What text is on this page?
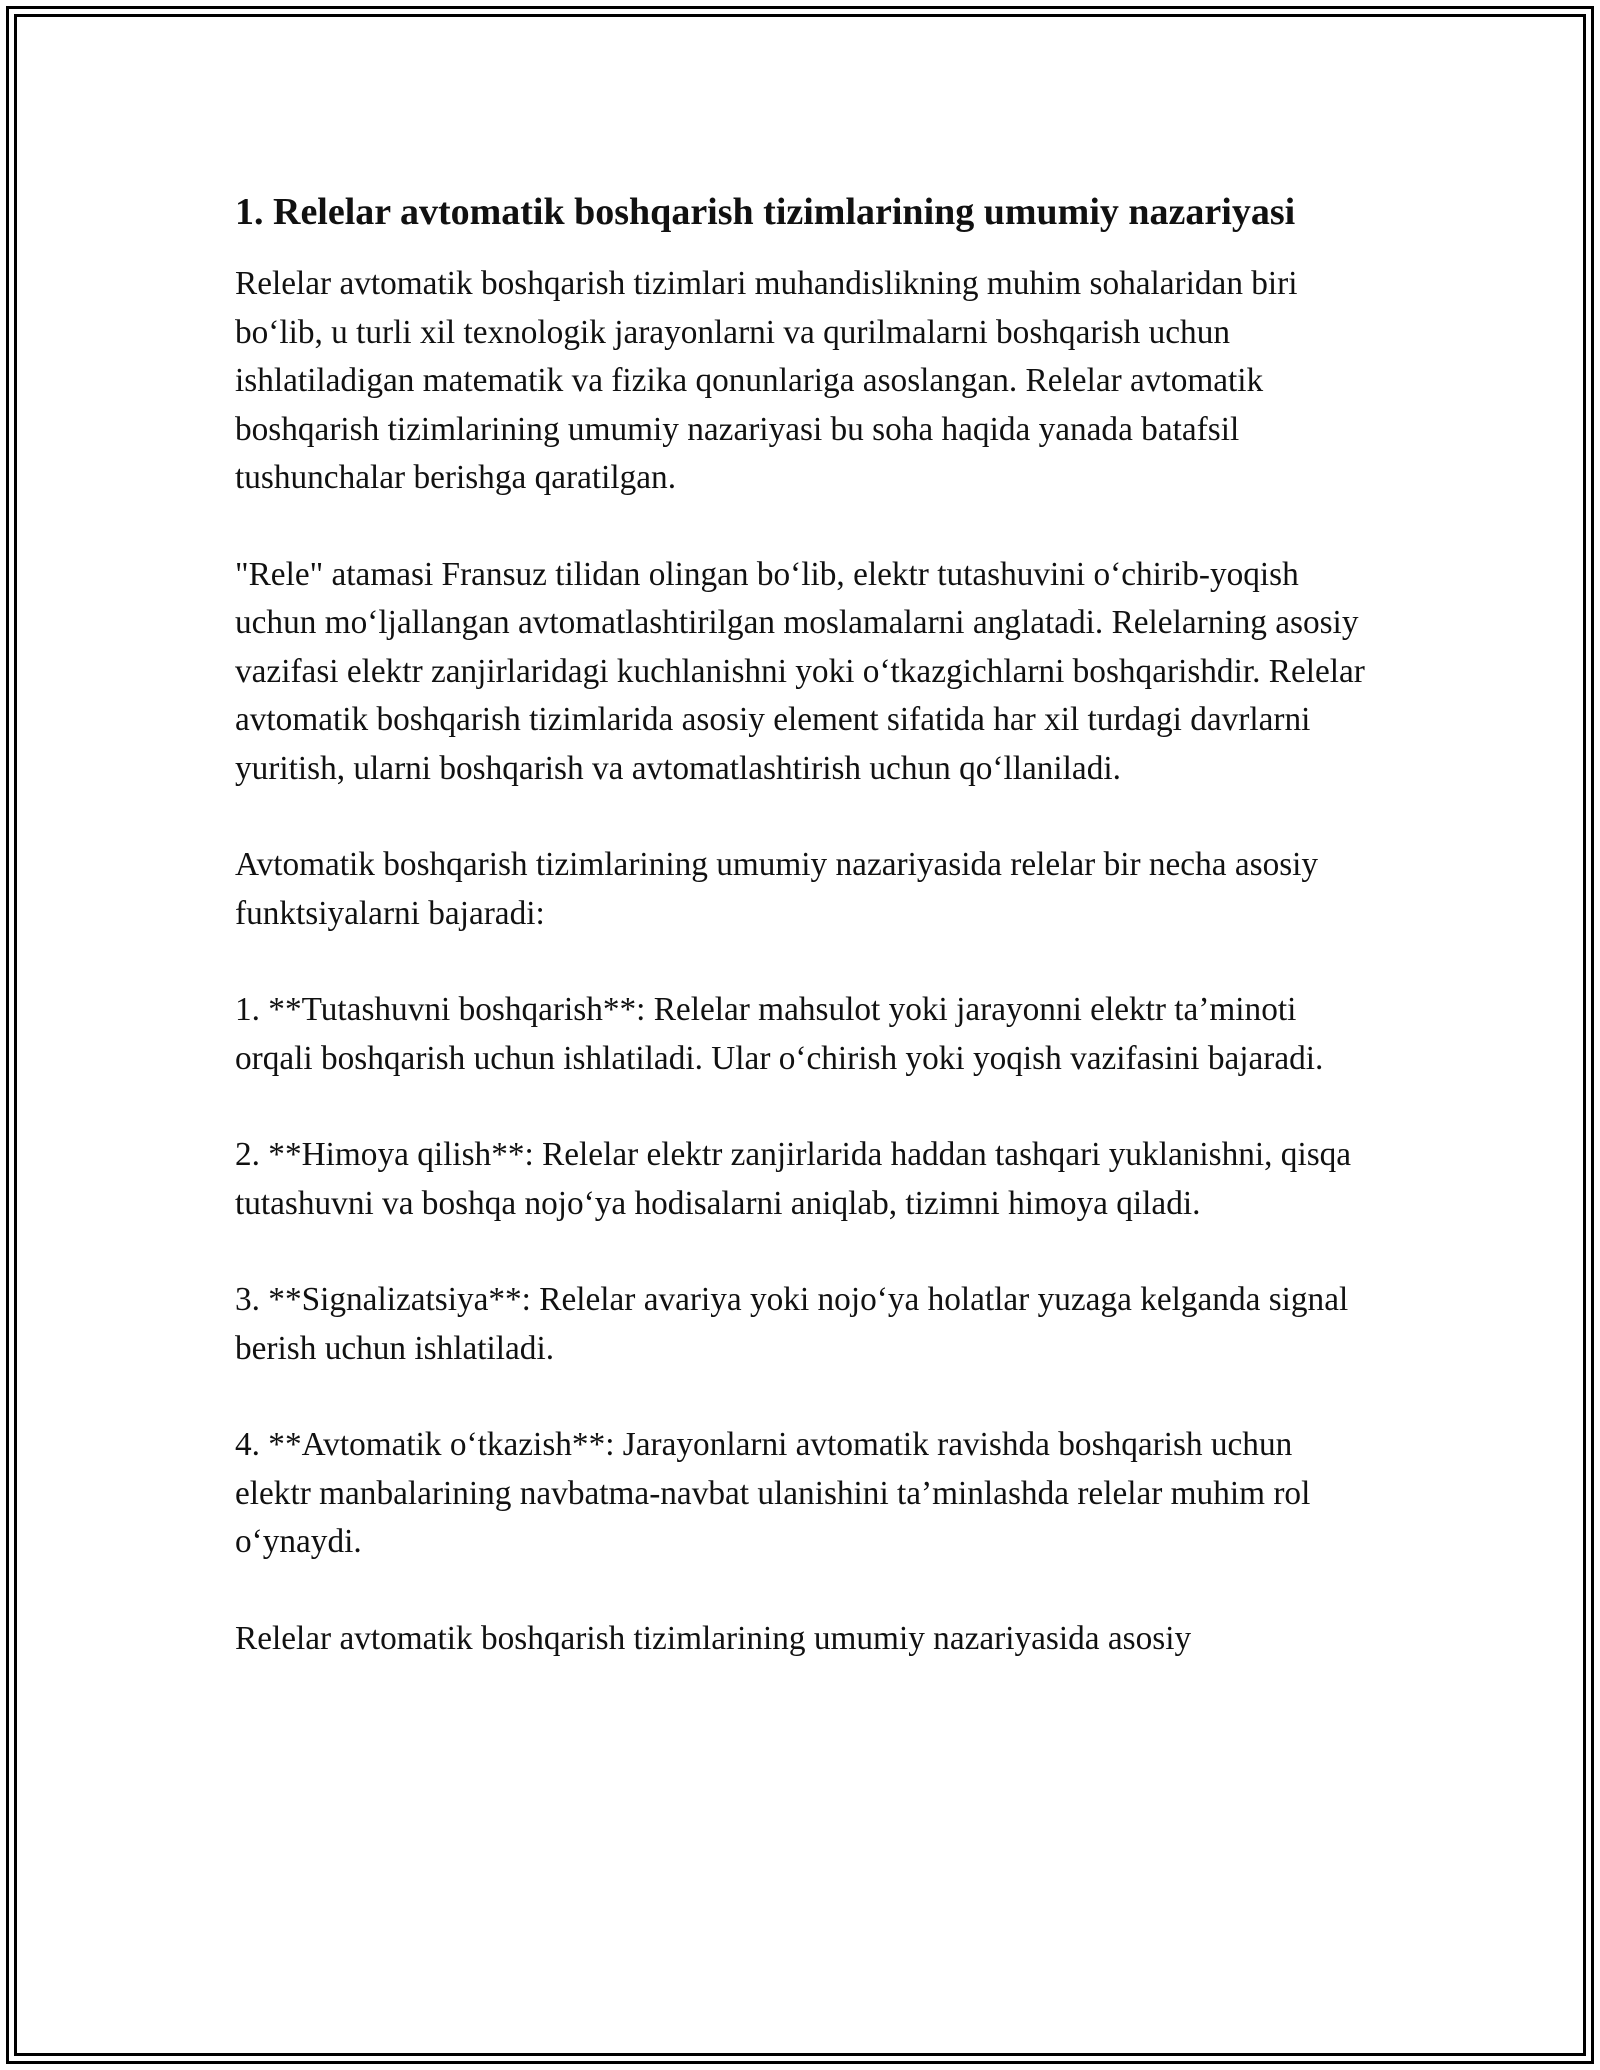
1. Relelar avtomatik boshqarish tizimlarining umumiy nazariyasi

Relelar avtomatik boshqarish tizimlari muhandislikning muhim sohalaridan biri bo‘lib, u turli xil texnologik jarayonlarni va qurilmalarni boshqarish uchun ishlatiladigan matematik va fizika qonunlariga asoslangan. Relelar avtomatik boshqarish tizimlarining umumiy nazariyasi bu soha haqida yanada batafsil tushunchalar berishga qaratilgan.

"Rele" atamasi Fransuz tilidan olingan bo‘lib, elektr tutashuvini o‘chirib-yoqish uchun mo‘ljallangan avtomatlashtirilgan moslamalarni anglatadi. Relelarning asosiy vazifasi elektr zanjirlaridagi kuchlanishni yoki o‘tkazgichlarni boshqarishdir. Relelar avtomatik boshqarish tizimlarida asosiy element sifatida har xil turdagi davrlarni yuritish, ularni boshqarish va avtomatlashtirish uchun qo‘llaniladi.

Avtomatik boshqarish tizimlarining umumiy nazariyasida relelar bir necha asosiy funktsiyalarni bajaradi:

1. **Tutashuvni boshqarish**: Relelar mahsulot yoki jarayonni elektr ta’minoti orqali boshqarish uchun ishlatiladi. Ular o‘chirish yoki yoqish vazifasini bajaradi.

2. **Himoya qilish**: Relelar elektr zanjirlarida haddan tashqari yuklanishni, qisqa tutashuvni va boshqa nojo‘ya hodisalarni aniqlab, tizimni himoya qiladi.

3. **Signalizatsiya**: Relelar avariya yoki nojo‘ya holatlar yuzaga kelganda signal berish uchun ishlatiladi.

4. **Avtomatik o‘tkazish**: Jarayonlarni avtomatik ravishda boshqarish uchun elektr manbalarining navbatma-navbat ulanishini ta’minlashda relelar muhim rol o‘ynaydi.

Relelar avtomatik boshqarish tizimlarining umumiy nazariyasida asosiy
